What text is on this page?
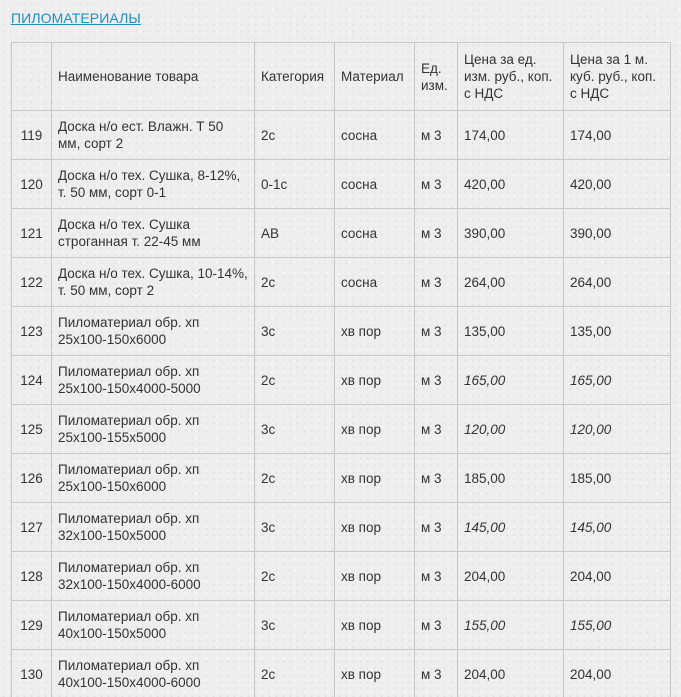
ПИЛОМАТЕРИАЛЫ
	Наименование товара	Категория	Материал	Ед. изм.	Цена за ед. изм. руб., коп. с НДС	Цена за 1 м. куб. руб., коп. с НДС
119	Доска н/о ест. Влажн. Т 50 мм, сорт 2	2с	сосна	м 3	174,00	174,00
120	Доска н/о тех. Сушка, 8-12%, т. 50 мм, сорт 0-1	0-1с	сосна	м 3	420,00	420,00
121	Доска н/о тех. Сушка строганная т. 22-45 мм	АВ	сосна	м 3	390,00	390,00
122	Доска н/о тех. Сушка, 10-14%, т. 50 мм, сорт 2	2с	сосна	м 3	264,00	264,00
123	Пиломатериал обр. хп 25х100-150х6000	3с	хв пор	м 3	135,00	135,00
124	Пиломатериал обр. хп 25х100-150х4000-5000	2с	хв пор	м 3	165,00	165,00
125	Пиломатериал обр. хп 25х100-155х5000	3с	хв пор	м 3	120,00	120,00
126	Пиломатериал обр. хп 25х100-150х6000	2с	хв пор	м 3	185,00	185,00
127	Пиломатериал обр. хп 32х100-150х5000	3с	хв пор	м 3	145,00	145,00
128	Пиломатериал обр. хп 32х100-150х4000-6000	2с	хв пор	м 3	204,00	204,00
129	Пиломатериал обр. хп 40х100-150х5000	3с	хв пор	м 3	155,00	155,00
130	Пиломатериал обр. хп 40х100-150х4000-6000	2с	хв пор	м 3	204,00	204,00
